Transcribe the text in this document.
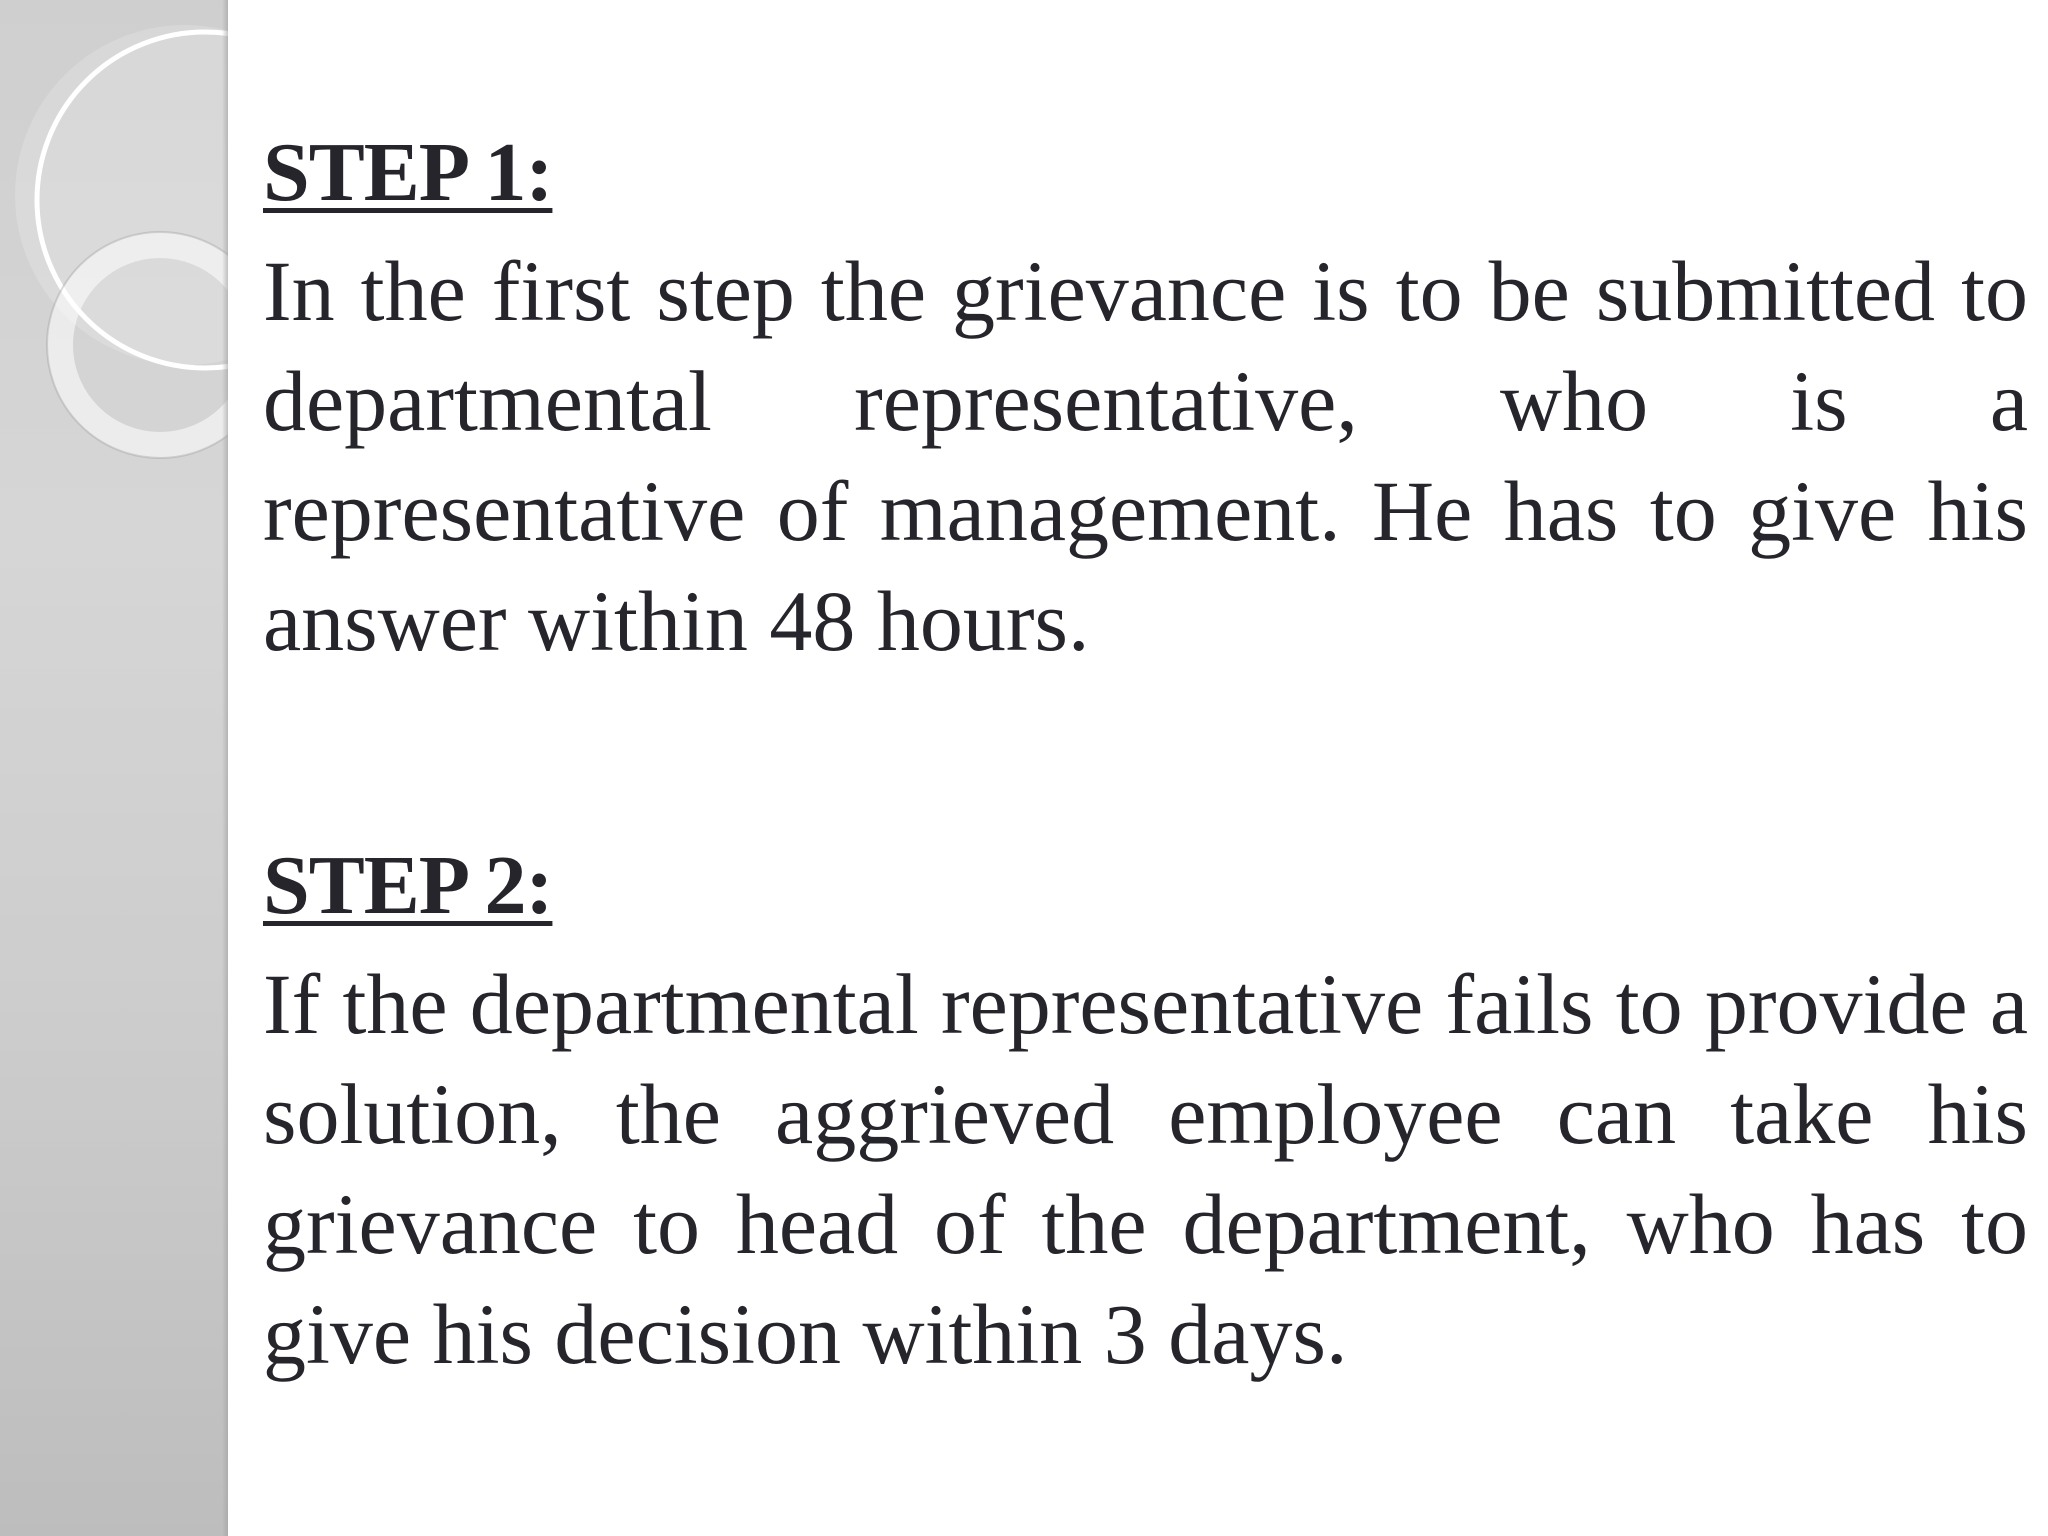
STEP 1:

In the first step the grievance is to be submitted to departmental representative, who is a representative of management. He has to give his answer within 48 hours.

STEP 2:

If the departmental representative fails to provide a solution, the aggrieved employee can take his grievance to head of the department, who has to give his decision within 3 days.
